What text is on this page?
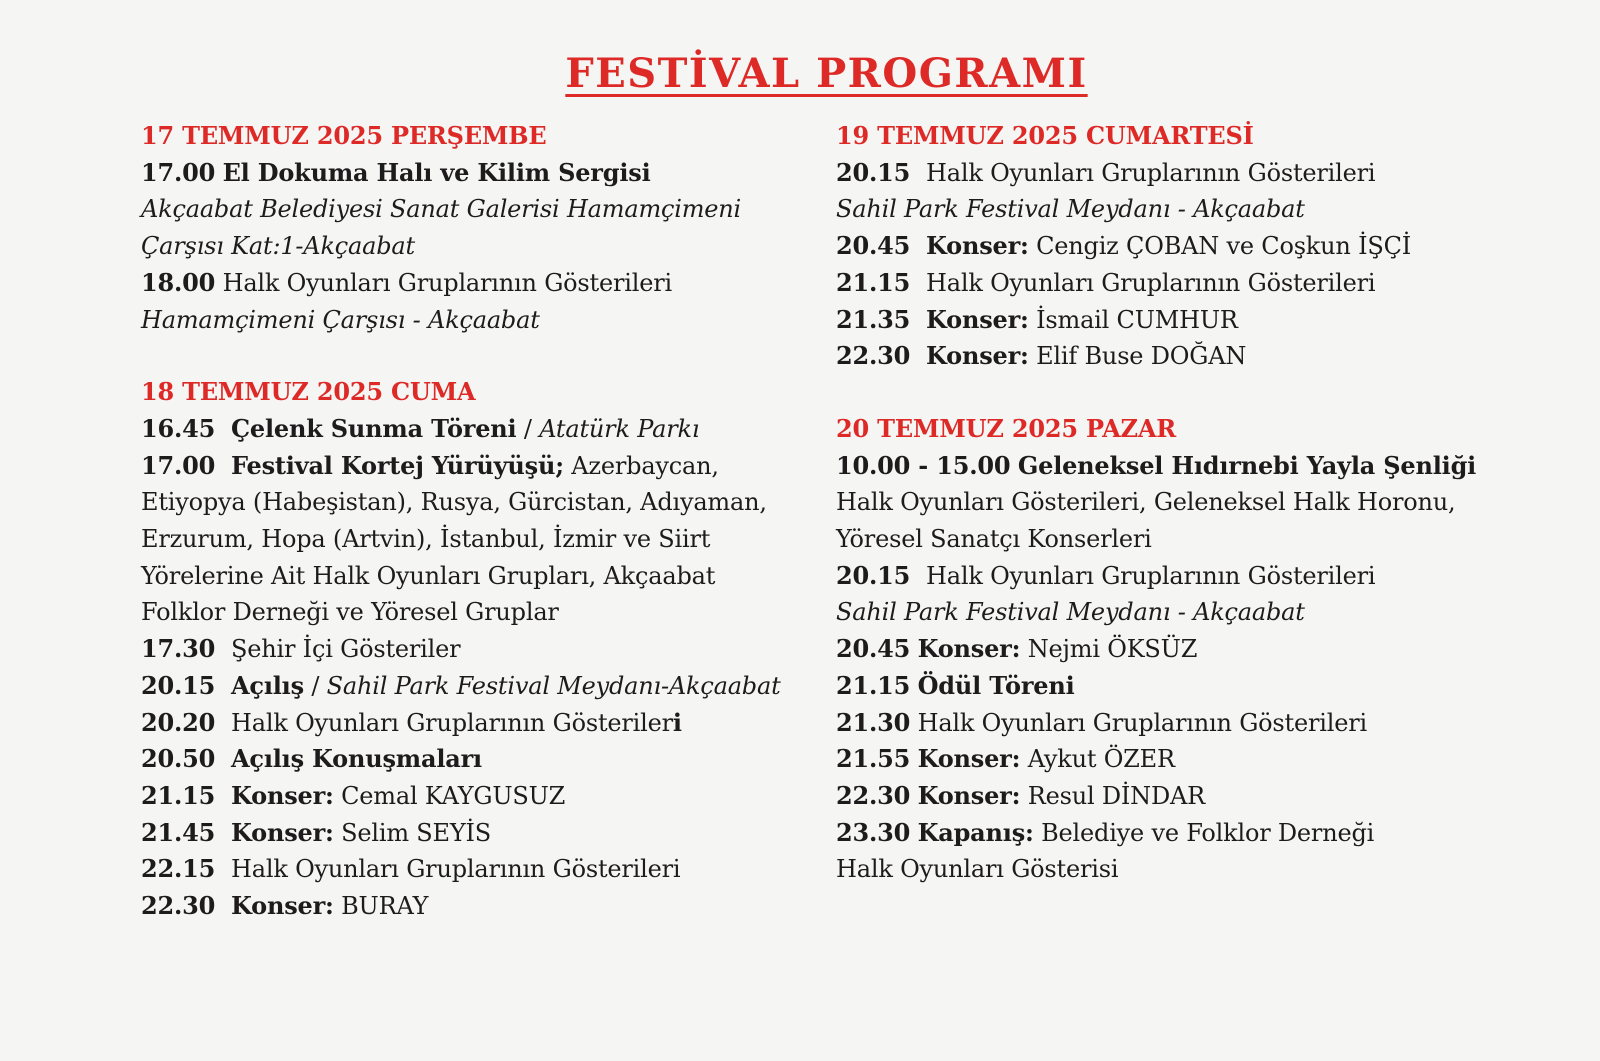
FESTİVAL PROGRAMI
17 TEMMUZ 2025 PERŞEMBE
17.00 El Dokuma Halı ve Kilim Sergisi
Akçaabat Belediyesi Sanat Galerisi Hamamçimeni
Çarşısı Kat:1-Akçaabat
18.00 Halk Oyunları Gruplarının Gösterileri
Hamamçimeni Çarşısı - Akçaabat
18 TEMMUZ 2025 CUMA
16.45 Çelenk Sunma Töreni / Atatürk Parkı
17.00 Festival Kortej Yürüyüşü; Azerbaycan,
Etiyopya (Habeşistan), Rusya, Gürcistan, Adıyaman,
Erzurum, Hopa (Artvin), İstanbul, İzmir ve Siirt
Yörelerine Ait Halk Oyunları Grupları, Akçaabat
Folklor Derneği ve Yöresel Gruplar
17.30 Şehir İçi Gösteriler
20.15 Açılış / Sahil Park Festival Meydanı-Akçaabat
20.20 Halk Oyunları Gruplarının Gösterileri
20.50 Açılış Konuşmaları
21.15 Konser: Cemal KAYGUSUZ
21.45 Konser: Selim SEYİS
22.15 Halk Oyunları Gruplarının Gösterileri
22.30 Konser: BURAY
19 TEMMUZ 2025 CUMARTESİ
20.15 Halk Oyunları Gruplarının Gösterileri
Sahil Park Festival Meydanı - Akçaabat
20.45 Konser: Cengiz ÇOBAN ve Coşkun İŞÇİ
21.15 Halk Oyunları Gruplarının Gösterileri
21.35 Konser: İsmail CUMHUR
22.30 Konser: Elif Buse DOĞAN
20 TEMMUZ 2025 PAZAR
10.00 - 15.00 Geleneksel Hıdırnebi Yayla Şenliği
Halk Oyunları Gösterileri, Geleneksel Halk Horonu,
Yöresel Sanatçı Konserleri
20.15 Halk Oyunları Gruplarının Gösterileri
Sahil Park Festival Meydanı - Akçaabat
20.45 Konser: Nejmi ÖKSÜZ
21.15 Ödül Töreni
21.30 Halk Oyunları Gruplarının Gösterileri
21.55 Konser: Aykut ÖZER
22.30 Konser: Resul DİNDAR
23.30 Kapanış: Belediye ve Folklor Derneği
Halk Oyunları Gösterisi
